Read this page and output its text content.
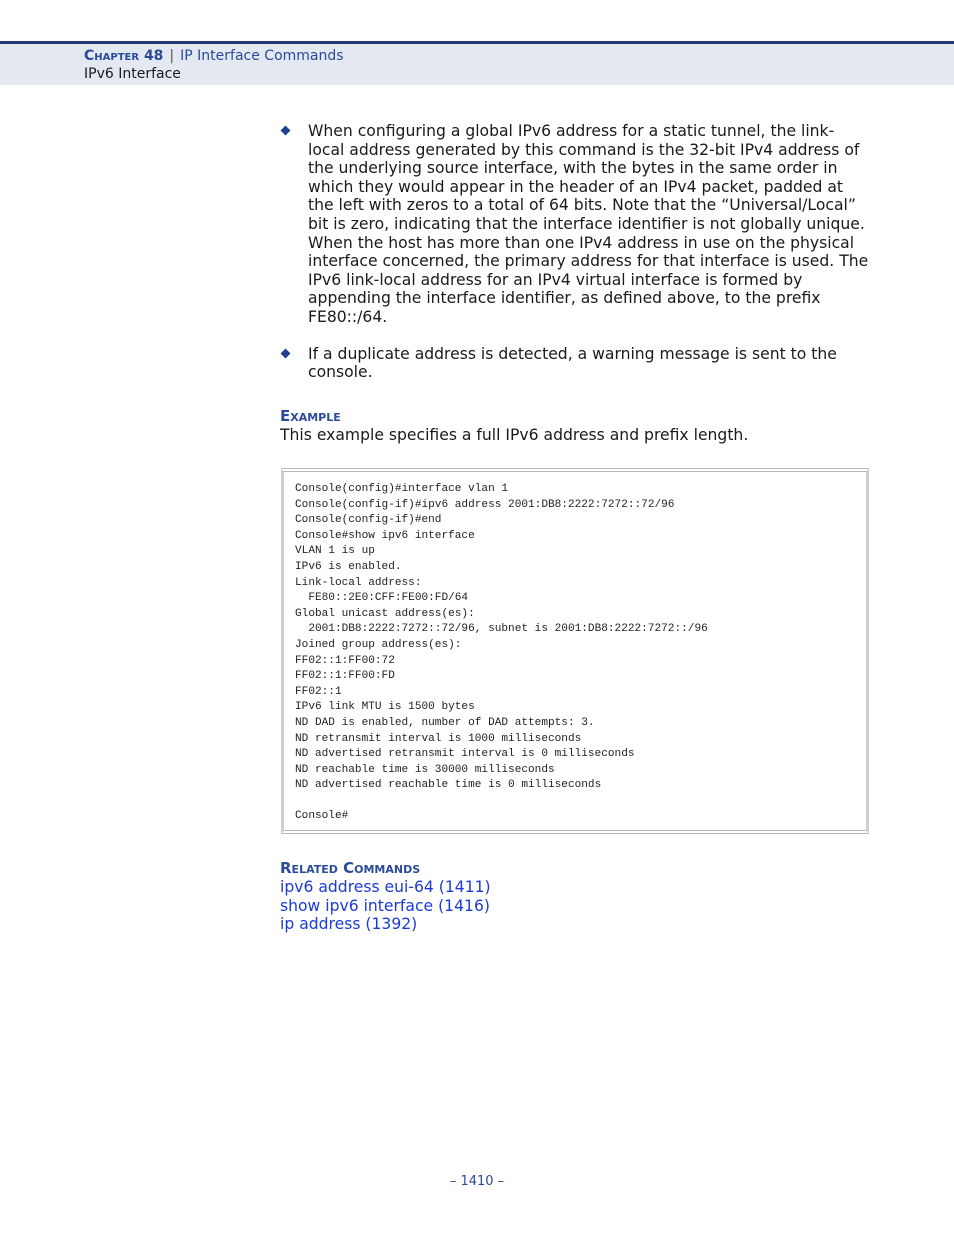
Chapter 48 | IP Interface Commands
IPv6 Interface
When configuring a global IPv6 address for a static tunnel, the link-local address generated by this command is the 32-bit IPv4 address of the underlying source interface, with the bytes in the same order in which they would appear in the header of an IPv4 packet, padded at the left with zeros to a total of 64 bits. Note that the “Universal/Local” bit is zero, indicating that the interface identifier is not globally unique. When the host has more than one IPv4 address in use on the physical interface concerned, the primary address for that interface is used. The IPv6 link-local address for an IPv4 virtual interface is formed by appending the interface identifier, as defined above, to the prefix FE80::/64.
If a duplicate address is detected, a warning message is sent to the console.
Example
This example specifies a full IPv6 address and prefix length.
Console(config)#interface vlan 1
Console(config-if)#ipv6 address 2001:DB8:2222:7272::72/96
Console(config-if)#end
Console#show ipv6 interface
VLAN 1 is up
IPv6 is enabled.
Link-local address:
FE80::2E0:CFF:FE00:FD/64
Global unicast address(es):
2001:DB8:2222:7272::72/96, subnet is 2001:DB8:2222:7272::/96
Joined group address(es):
FF02::1:FF00:72
FF02::1:FF00:FD
FF02::1
IPv6 link MTU is 1500 bytes
ND DAD is enabled, number of DAD attempts: 3.
ND retransmit interval is 1000 milliseconds
ND advertised retransmit interval is 0 milliseconds
ND reachable time is 30000 milliseconds
ND advertised reachable time is 0 milliseconds

Console#
Related Commands
ipv6 address eui-64 (1411)
show ipv6 interface (1416)
ip address (1392)
– 1410 –
